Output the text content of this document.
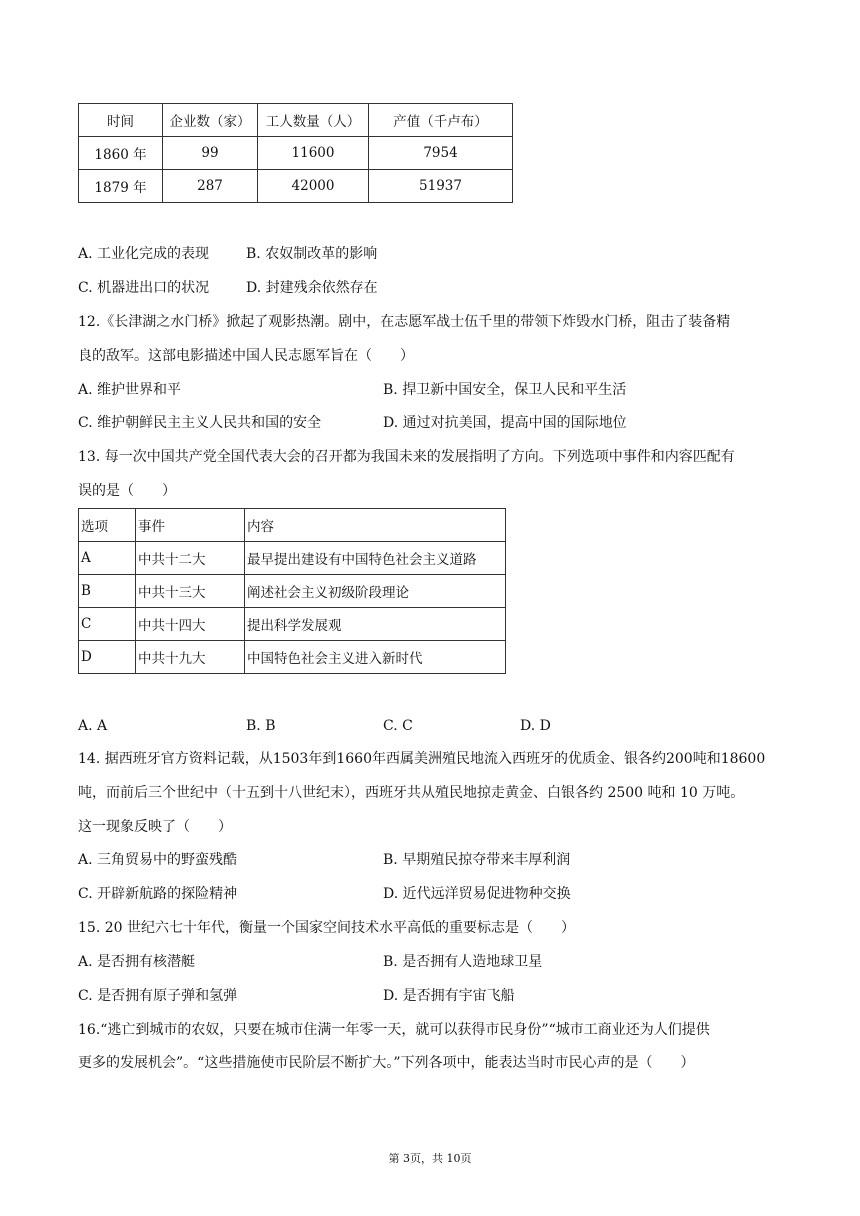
时间	企业数（家）	工人数量（人）	产值（千卢布）
1860 年	99	11600	7954
1879 年	287	42000	51937
A. 工业化完成的表现	B. 农奴制改革的影响
C. 机器进出口的状况	D. 封建残余依然存在
12.《长津湖之水门桥》掀起了观影热潮。剧中，在志愿军战士伍千里的带领下炸毁水门桥，阻击了装备精
良的敌军。这部电影描述中国人民志愿军旨在（　　）
A. 维护世界和平	B. 捍卫新中国安全，保卫人民和平生活
C. 维护朝鲜民主主义人民共和国的安全	D. 通过对抗美国，提高中国的国际地位
13. 每一次中国共产党全国代表大会的召开都为我国未来的发展指明了方向。下列选项中事件和内容匹配有
误的是（　　）
选项	事件	内容
A	中共十二大	最早提出建设有中国特色社会主义道路
B	中共十三大	阐述社会主义初级阶段理论
C	中共十四大	提出科学发展观
D	中共十九大	中国特色社会主义进入新时代
A. A	B. B	C. C	D. D
14. 据西班牙官方资料记载，从1503年到1660年西属美洲殖民地流入西班牙的优质金、银各约200吨和18600
吨，而前后三个世纪中（十五到十八世纪末），西班牙共从殖民地掠走黄金、白银各约 2500 吨和 10 万吨。
这一现象反映了（　　）
A. 三角贸易中的野蛮残酷	B. 早期殖民掠夺带来丰厚利润
C. 开辟新航路的探险精神	D. 近代远洋贸易促进物种交换
15. 20 世纪六七十年代，衡量一个国家空间技术水平高低的重要标志是（　　）
A. 是否拥有核潜艇	B. 是否拥有人造地球卫星
C. 是否拥有原子弹和氢弹	D. 是否拥有宇宙飞船
16.“逃亡到城市的农奴，只要在城市住满一年零一天，就可以获得市民身份”“城市工商业还为人们提供
更多的发展机会”。“这些措施使市民阶层不断扩大。”下列各项中，能表达当时市民心声的是（　　）
第 3页，共 10页
